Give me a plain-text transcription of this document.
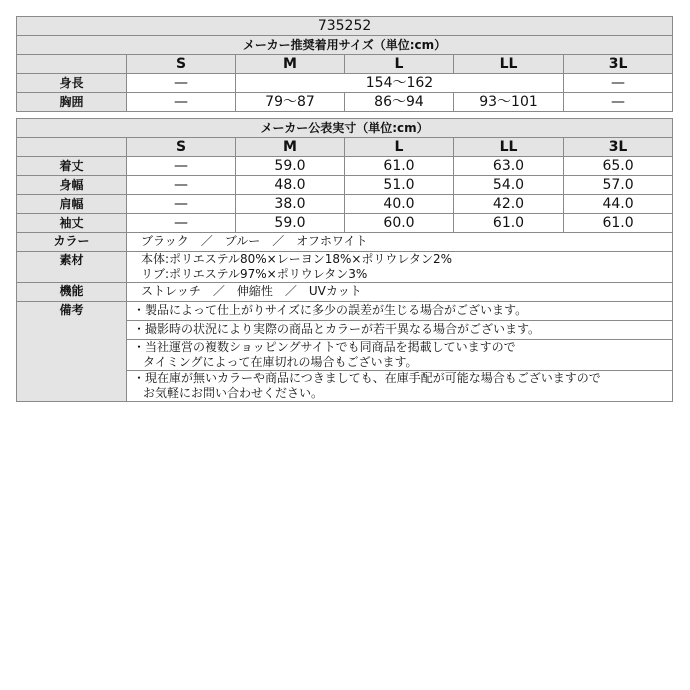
735252					
メーカー推奨着用サイズ（単位:cm）					
	S	M	L	LL	3L
身長	—	154～162			—
胸囲	—	79～87	86～94	93～101	—
メーカー公表実寸（単位:cm）					
	S	M	L	LL	3L
着丈	—	59.0	61.0	63.0	65.0
身幅	—	48.0	51.0	54.0	57.0
肩幅	—	38.0	40.0	42.0	44.0
袖丈	—	59.0	60.0	61.0	61.0
カラー	ブラック　／　ブルー　／　オフホワイト
素材	本体:ポリエステル80%×レーヨン18%×ポリウレタン2%
リブ:ポリエステル97%×ポリウレタン3%

機能	ストレッチ　／　伸縮性　／　UVカット
備考	・製品によって仕上がりサイズに多少の誤差が生じる場合がございます。
	・撮影時の状況により実際の商品とカラーが若干異なる場合がございます。

	・当社運営の複数ショッピングサイトでも同商品を掲載していますので
タイミングによって在庫切れの場合もございます。

	・現在庫が無いカラーや商品につきましても、在庫手配が可能な場合もございますので
お気軽にお問い合わせください。
